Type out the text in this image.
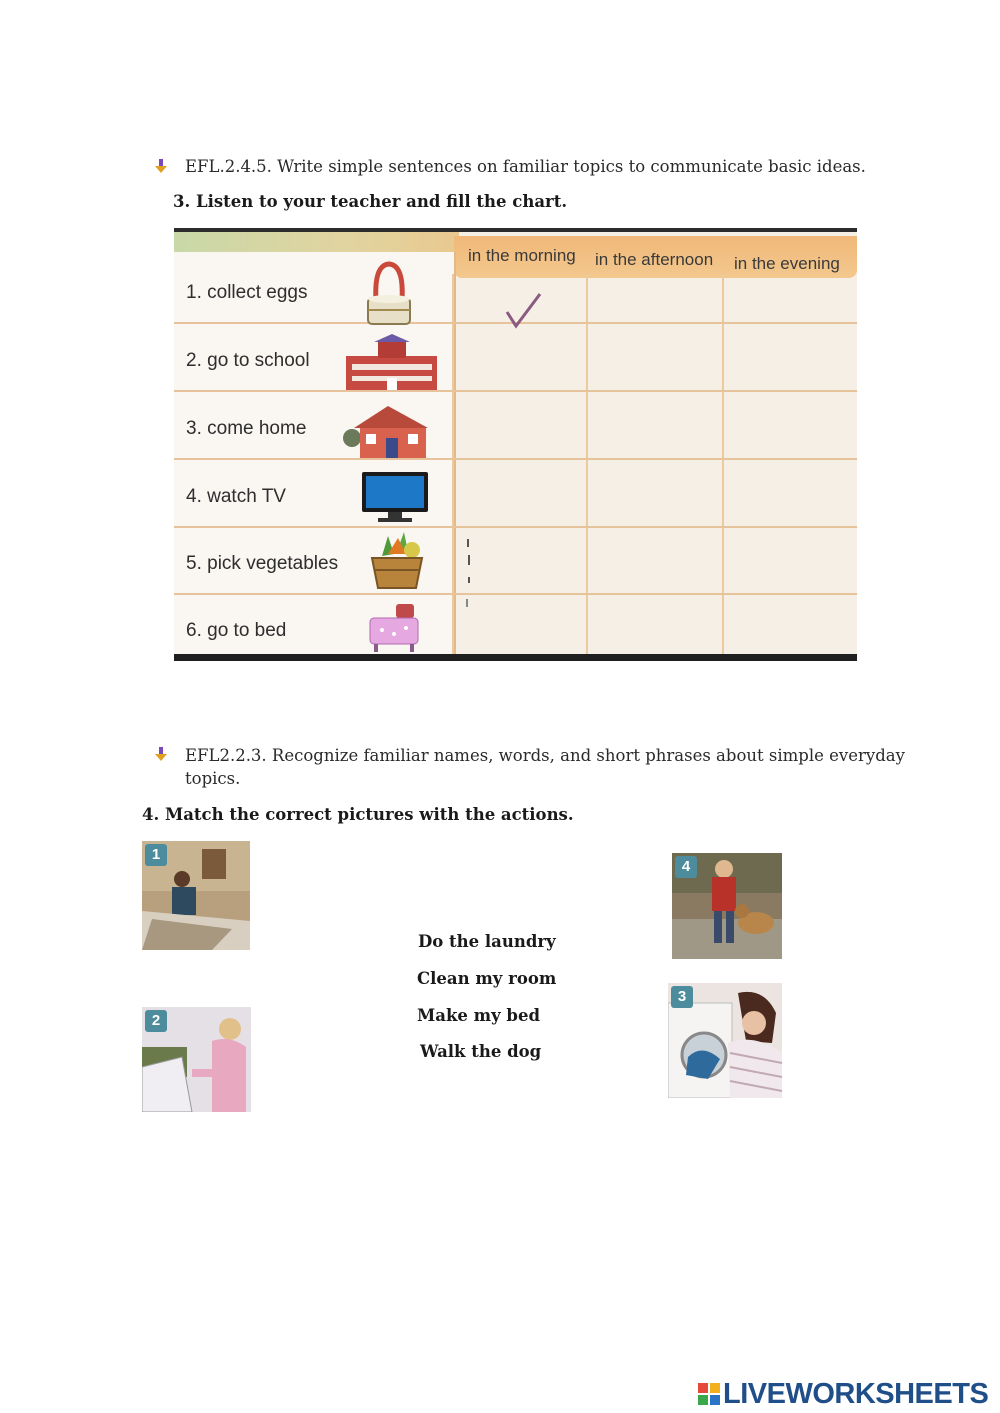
EFL.2.4.5. Write simple sentences on familiar topics to communicate basic ideas.
3. Listen to your teacher and fill the chart.
in the morning in the afternoon in the evening
1. collect eggs
2. go to school
3. come home
4. watch TV
5. pick vegetables
6. go to bed
EFL2.2.3. Recognize familiar names, words, and short phrases about simple everyday
topics.
4. Match the correct pictures with the actions.
1
2
4
3
Do the laundry
Clean my room
Make my bed
Walk the dog
LIVEWORKSHEETS
